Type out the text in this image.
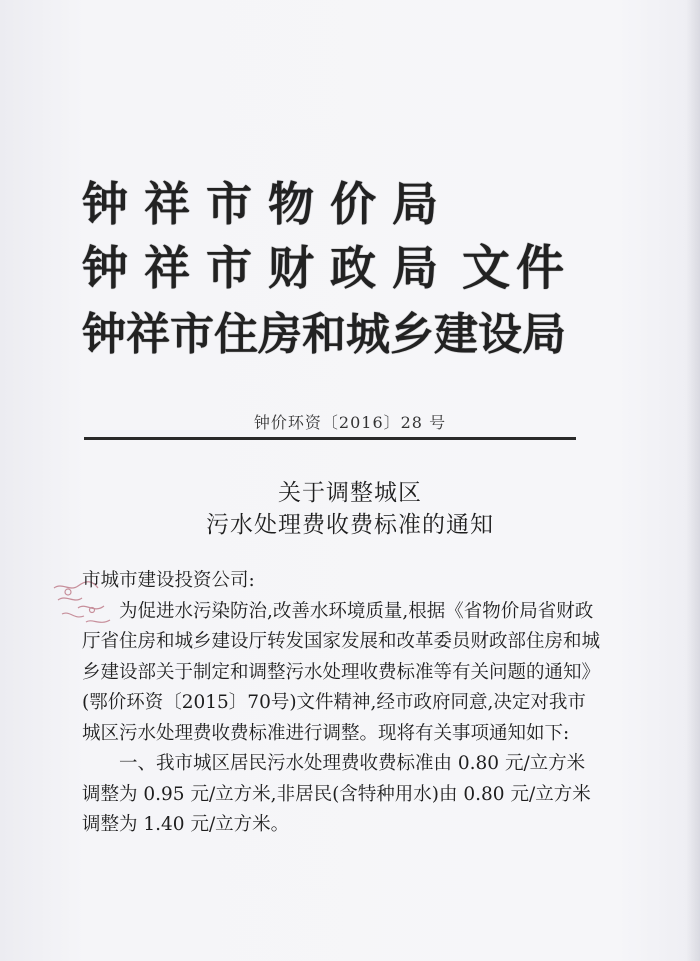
钟祥市物价局
钟祥市财政局 文件
钟祥市住房和城乡建设局
钟价环资〔2016〕28 号
关于调整城区
污水处理费收费标准的通知

市城市建设投资公司:

为促进水污染防治,改善水环境质量,根据《省物价局省财政厅省住房和城乡建设厅转发国家发展和改革委员财政部住房和城乡建设部关于制定和调整污水处理收费标准等有关问题的通知》(鄂价环资〔2015〕70号)文件精神,经市政府同意,决定对我市城区污水处理费收费标准进行调整。现将有关事项通知如下:

一、我市城区居民污水处理费收费标准由 0.80 元/立方米调整为 0.95 元/立方米,非居民(含特种用水)由 0.80 元/立方米调整为 1.40 元/立方米。
